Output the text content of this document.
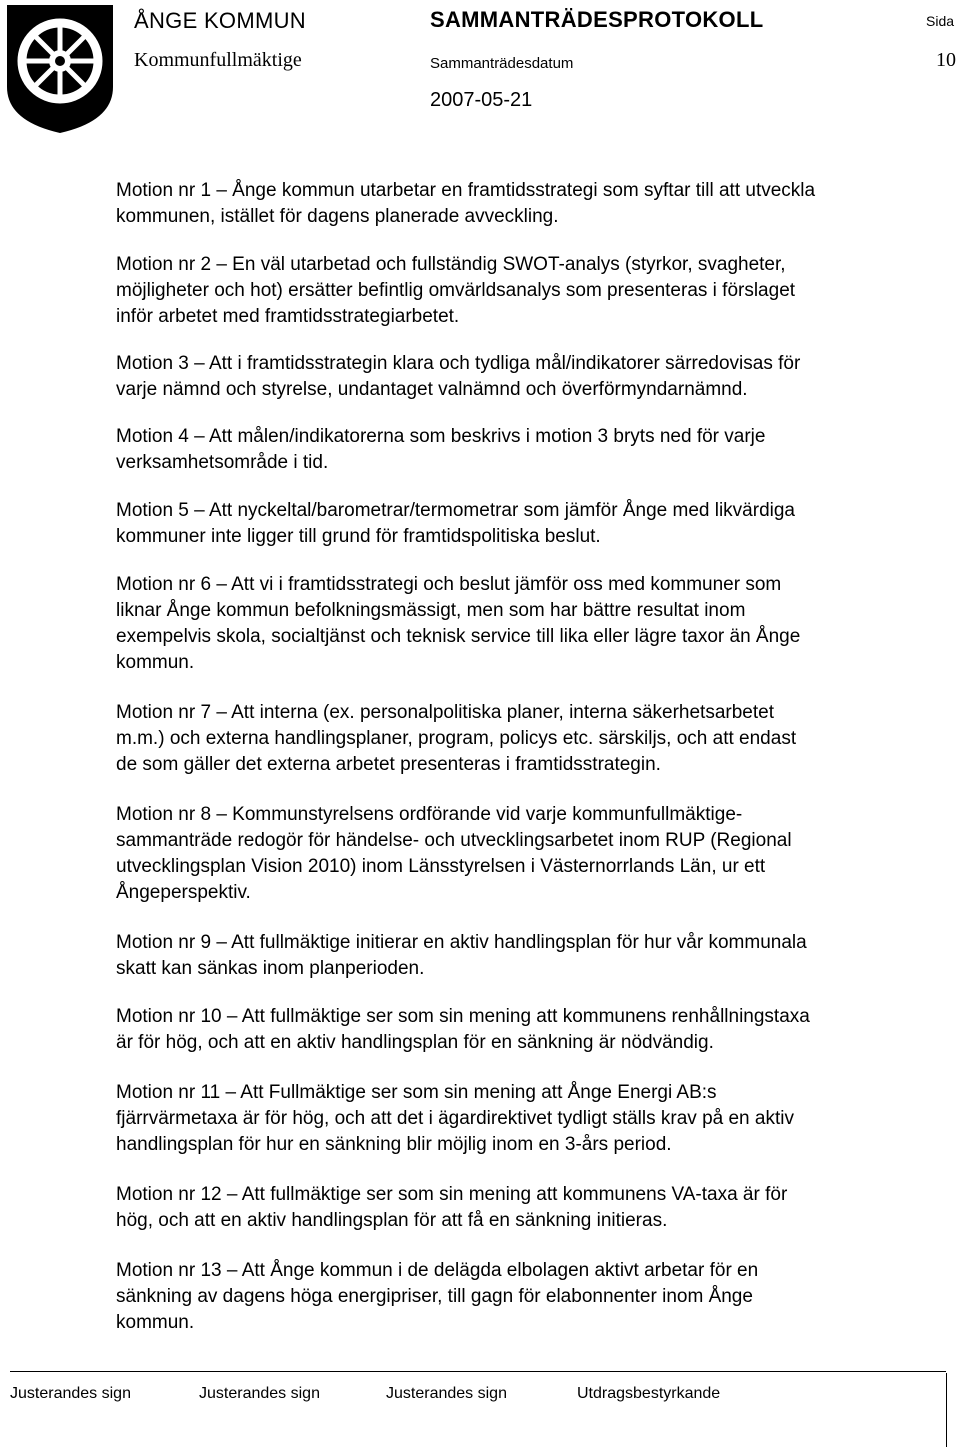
ÅNGE KOMMUN	SAMMANTRÄDESPROTOKOLL	Sida
Kommunfullmäktige	Sammanträdesdatum	10
2007-05-21

Motion nr 1 – Ånge kommun utarbetar en framtidsstrategi som syftar till att utveckla
kommunen, istället för dagens planerade avveckling.

Motion nr 2 – En väl utarbetad och fullständig SWOT-analys (styrkor, svagheter,
möjligheter och hot) ersätter befintlig omvärldsanalys som presenteras i förslaget
inför arbetet med framtidsstrategiarbetet.

Motion 3 – Att i framtidsstrategin klara och tydliga mål/indikatorer särredovisas för
varje nämnd och styrelse, undantaget valnämnd och överförmyndarnämnd.

Motion 4 – Att målen/indikatorerna som beskrivs i motion 3 bryts ned för varje
verksamhetsområde i tid.

Motion 5 – Att nyckeltal/barometrar/termometrar som jämför Ånge med likvärdiga
kommuner inte ligger till grund för framtidspolitiska beslut.

Motion nr 6 – Att vi i framtidsstrategi och beslut jämför oss med kommuner som
liknar Ånge kommun befolkningsmässigt, men som har bättre resultat inom
exempelvis skola, socialtjänst och teknisk service till lika eller lägre taxor än Ånge
kommun.

Motion nr 7 – Att interna (ex. personalpolitiska planer, interna säkerhetsarbetet
m.m.) och externa handlingsplaner, program, policys etc. särskiljs, och att endast
de som gäller det externa arbetet presenteras i framtidsstrategin.

Motion nr 8 – Kommunstyrelsens ordförande vid varje kommunfullmäktige-
sammanträde redogör för händelse- och utvecklingsarbetet inom RUP (Regional
utvecklingsplan Vision 2010) inom Länsstyrelsen i Västernorrlands Län, ur ett
Ångeperspektiv.

Motion nr 9 – Att fullmäktige initierar en aktiv handlingsplan för hur vår kommunala
skatt kan sänkas inom planperioden.

Motion nr 10 – Att fullmäktige ser som sin mening att kommunens renhållningstaxa
är för hög, och att en aktiv handlingsplan för en sänkning är nödvändig.

Motion nr 11 – Att Fullmäktige ser som sin mening att Ånge Energi AB:s
fjärrvärmetaxa är för hög, och att det i ägardirektivet tydligt ställs krav på en aktiv
handlingsplan för hur en sänkning blir möjlig inom en 3-års period.

Motion nr 12 – Att fullmäktige ser som sin mening att kommunens VA-taxa är för
hög, och att en aktiv handlingsplan för att få en sänkning initieras.

Motion nr 13 – Att Ånge kommun i de delägda elbolagen aktivt arbetar för en
sänkning av dagens höga energipriser, till gagn för elabonnenter inom Ånge
kommun.

Justerandes sign	Justerandes sign	Justerandes sign	Utdragsbestyrkande
